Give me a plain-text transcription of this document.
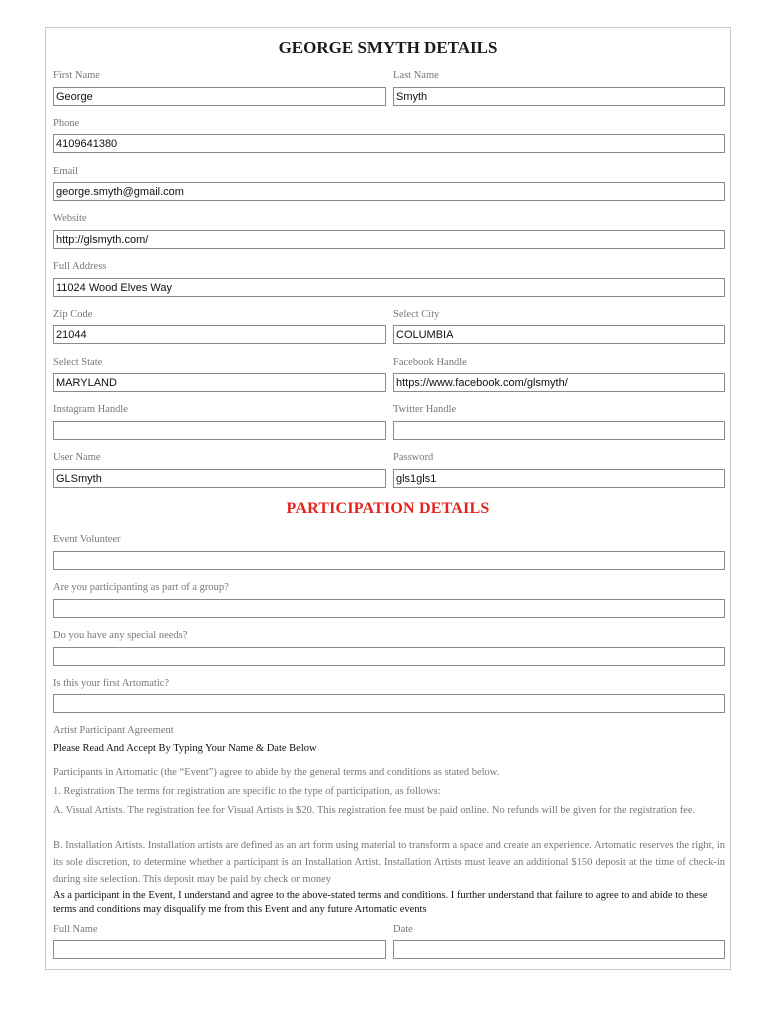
GEORGE SMYTH DETAILS
First Name	Last Name
George	Smyth
Phone
4109641380
Email
george.smyth@gmail.com
Website
http://glsmyth.com/
Full Address
11024 Wood Elves Way
Zip Code	Select City
21044	COLUMBIA
Select State	Facebook Handle
MARYLAND	https://www.facebook.com/glsmyth/
Instagram Handle	Twitter Handle
User Name	Password
GLSmyth	gls1gls1
PARTICIPATION DETAILS
Event Volunteer
Are you participanting as part of a group?
Do you have any special needs?
Is this your first Artomatic?
Artist Participant Agreement
Please Read And Accept By Typing Your Name & Date Below

Participants in Artomatic (the “Event”) agree to abide by the general terms and conditions as stated below.

1. Registration The terms for registration are specific to the type of participation, as follows:

A. Visual Artists. The registration fee for Visual Artists is $20. This registration fee must be paid online. No refunds will be given for the registration fee.

B. Installation Artists. Installation artists are defined as an art form using material to transform a space and create an experience. Artomatic reserves the right, in its sole discretion, to determine whether a participant is an Installation Artist. Installation Artists must leave an additional $150 deposit at the time of check-in during site selection. This deposit may be paid by check or money

As a participant in the Event, I understand and agree to the above-stated terms and conditions. I further understand that failure to agree to and abide to these terms and conditions may disqualify me from this Event and any future Artomatic events

Full Name	Date
